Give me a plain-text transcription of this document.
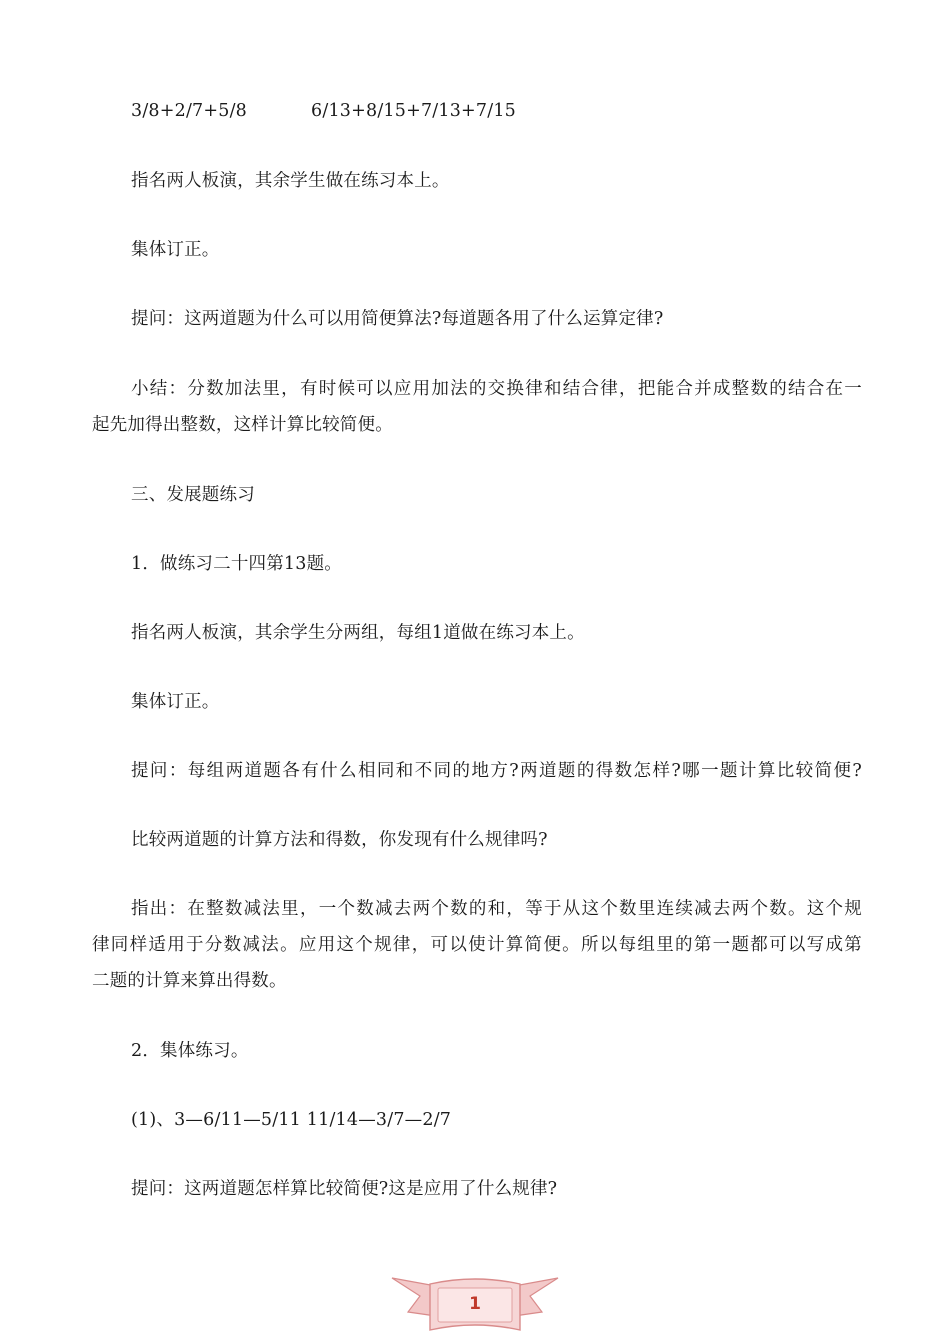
3/8+2/7+5/8	6/13+8/15+7/13+7/15
指名两人板演，其余学生做在练习本上。
集体订正。
提问：这两道题为什么可以用简便算法?每道题各用了什么运算定律?
小结：分数加法里，有时候可以应用加法的交换律和结合律，把能合并成整数的结合在一
起先加得出整数，这样计算比较简便。
三、发展题练习
1．做练习二十四第13题。
指名两人板演，其余学生分两组，每组1道做在练习本上。
集体订正。
提问：每组两道题各有什么相同和不同的地方?两道题的得数怎样?哪一题计算比较简便?
比较两道题的计算方法和得数，你发现有什么规律吗?
指出：在整数减法里，一个数减去两个数的和，等于从这个数里连续减去两个数。这个规
律同样适用于分数减法。应用这个规律，可以使计算简便。所以每组里的第一题都可以写成第
二题的计算来算出得数。
2．集体练习。
(1)、3—6/11—5/11 11/14—3/7—2/7
提问：这两道题怎样算比较简便?这是应用了什么规律?
1
